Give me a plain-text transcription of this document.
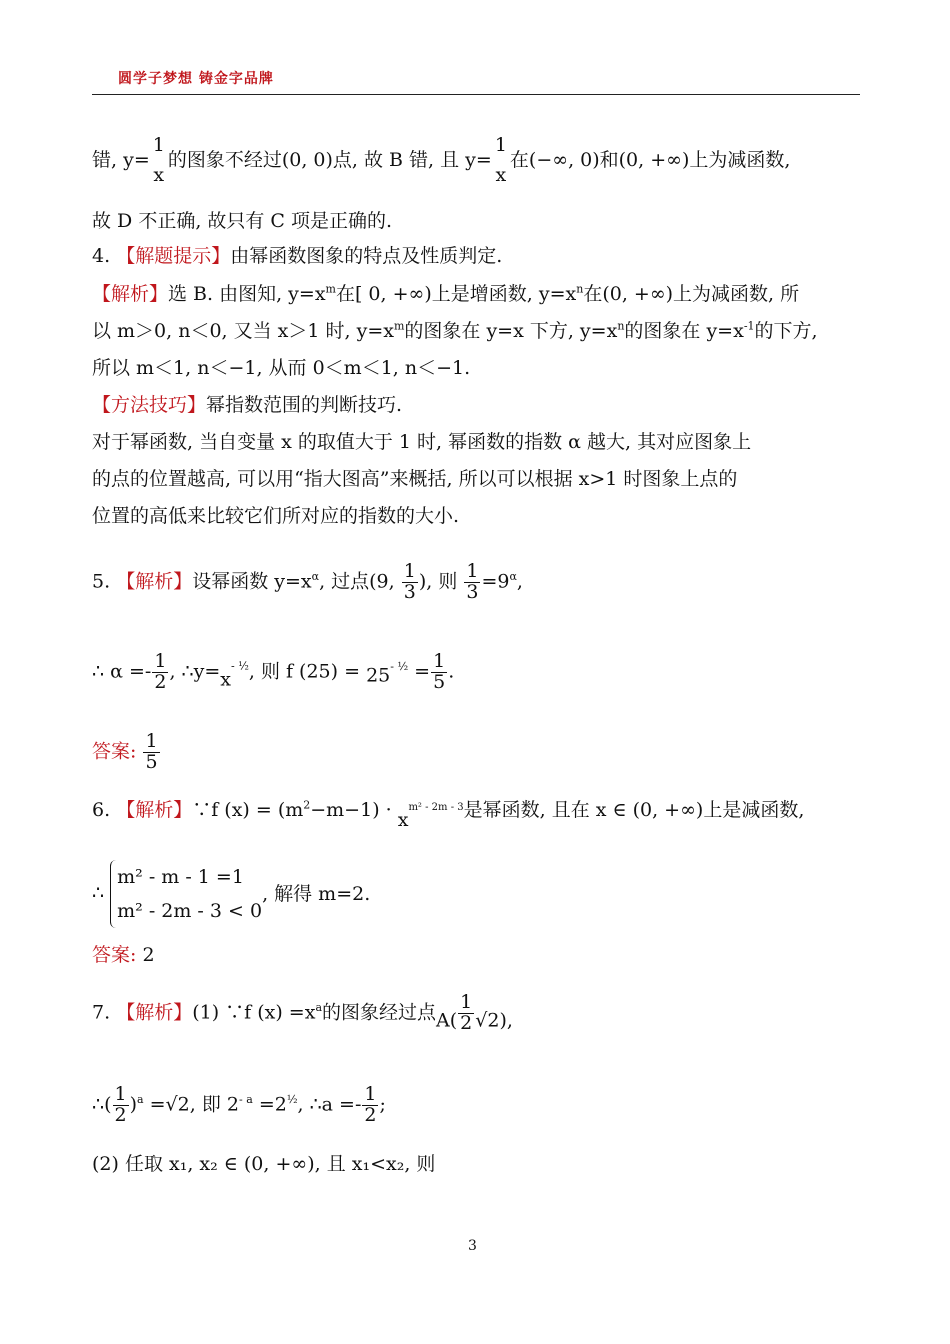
圆学子梦想 铸金字品牌
错, y=
1
x
的图象不经过(0, 0)点, 故 B 错, 且 y=
1
x
在(−∞, 0)和(0, +∞)上为减函数,
故 D 不正确, 故只有 C 项是正确的.
4. 【解题提示】由幂函数图象的特点及性质判定.
【解析】选 B. 由图知, $y=x^m$在[ 0, +∞)上是增函数, $y=x^n$在(0, +∞)上为减函数, 所
以 m＞0, n＜0, 又当 x＞1 时, $y=x^m$的图象在 y=x 下方, $y=x^n$的图象在 $y=x^{-1}$的下方,
所以 m＜1, n＜−1, 从而 0＜m＜1, n＜−1.
【方法技巧】幂指数范围的判断技巧.
对于幂函数, 当自变量 x 的取值大于 1 时, 幂函数的指数 α 越大, 其对应图象上
的点的位置越高, 可以用“指大图高”来概括, 所以可以根据 x>1 时图象上点的
位置的高低来比较它们所对应的指数的大小.
5. 【解析】设幂函数 $y=x^\alpha$, 过点(9, $\frac{1}{3}$ ), 则 $\frac{1}{3} =9^\alpha$,
∴ $\alpha =- \frac{1}{2}$ , $\therefore y=x^{- \frac{1}{2}}$, 则 f $(25) = 25^{- \frac{1}{2}} = \frac{1}{5}$ .
答案: $\frac{1}{5}$
6. 【解析】∵f $(x) = (m^2-m-1) \cdot x^{m^2 - 2m - 3}$是幂函数, 且在 x ∈ (0, +∞)上是减函数,
∴
m² - m - 1 =1
m² - 2m - 3 < 0
, 解得 m=2.
答案: 2
7. 【解析】(1) ∵f $(x) =x^a$的图象经过点$A( \frac{1}{2} √2)$,
∴( $\frac{1}{2} )^a =√2$, 即 $2^{- a} =2^{\frac{1}{2}}$, ∴a =- $\frac{1}{2}$ ;
(2) 任取 x₁, x₂ ∈ (0, +∞), 且 x₁<x₂, 则
3
